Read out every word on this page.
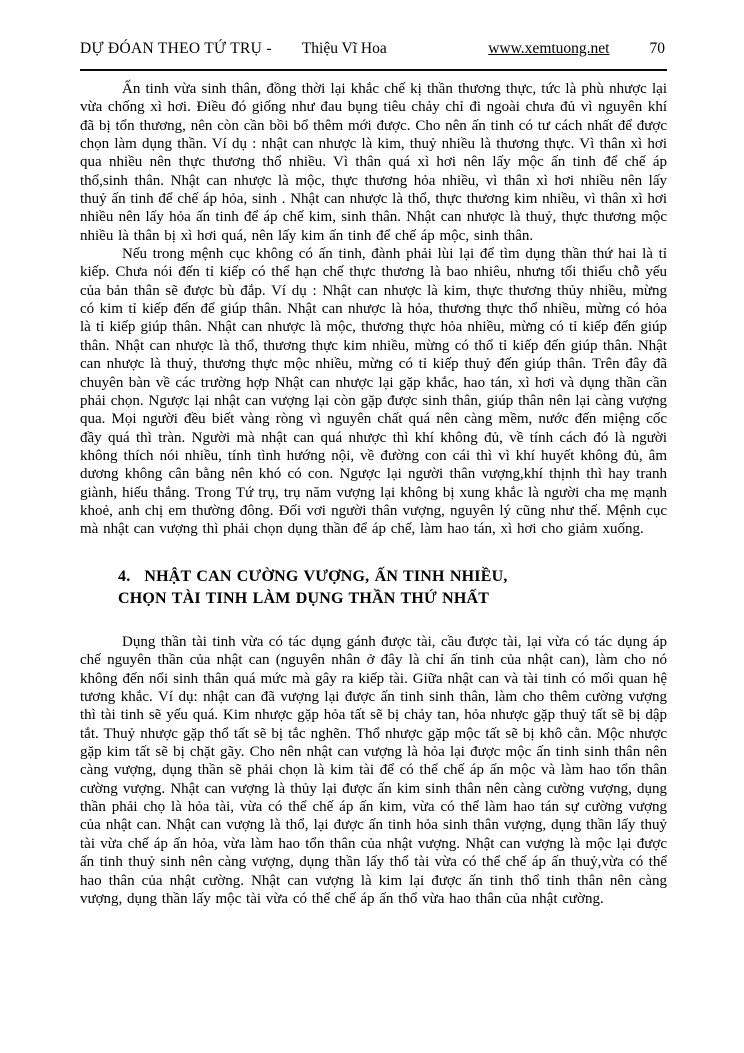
DỰ ĐÓAN THEO TỨ TRỤ - Thiệu Vĩ Hoa	www.xemtuong.net	70

Ấn tinh vừa sinh thân, đồng thời lại khắc chế kị thần thương thực, tức là phù nhược lại vừa chống xì hơi. Điều đó giống như đau bụng tiêu chảy chỉ đi ngoài chưa đủ vì nguyên khí đã bị tổn thương, nên còn cần bồi bổ thêm mới được. Cho nên ấn tinh có tư cách nhất để được chọn làm dụng thần. Ví dụ : nhật can nhược là kim, thuỷ nhiều là thương thực. Vì thân xì hơi qua nhiều nên thực thương thổ nhiều. Vì thân quá xì hơi nên lấy mộc ấn tinh để chế áp thổ,sinh thân. Nhật can nhược là mộc, thực thương hỏa nhiều, vì thân xì hơi nhiều nên lấy thuỷ ấn tinh để chế áp hỏa, sinh . Nhật can nhược là thổ, thực thương kim nhiều, vì thân xì hơi nhiều nên lấy hỏa ấn tinh để áp chế kim, sinh thân. Nhật can nhược là thuỷ, thực thương mộc nhiều là thân bị xì hơi quá, nên lấy kim ấn tinh để chế áp mộc, sinh thân.

Nếu trong mệnh cục không có ấn tinh, đành phải lùi lại để tìm dụng thần thứ hai là tỉ kiếp. Chưa nói đến tỉ kiếp có thể hạn chế thực thương là bao nhiêu, nhưng tối thiểu chỗ yếu của bản thân sẽ được bù đắp. Ví dụ : Nhật can nhược là kim, thực thương thủy nhiều, mừng có kim tỉ kiếp đến để giúp thân. Nhật can nhược là hỏa, thương thực thổ nhiều, mừng có hỏa là tỉ kiếp giúp thân. Nhật can nhược là mộc, thương thực hỏa nhiều, mừng có tỉ kiếp đến giúp thân. Nhật can nhược là thổ, thương thực kim nhiều, mừng có thổ tỉ kiếp đến giúp thân. Nhật can nhược là thuỷ, thương thực mộc nhiều, mừng có tỉ kiếp thuỷ đến giúp thân. Trên đây đã chuyên bàn về các trường hợp Nhật can nhược lại gặp khắc, hao tán, xì hơi và dụng thần cần phải chọn. Ngược lại nhật can vượng lại còn gặp được sinh thân, giúp thân nên lại càng vượng qua. Mọi người đều biết vàng ròng vì nguyên chất quá nên càng mềm, nước đến miệng cốc đầy quá thì tràn. Người mà nhật can quá nhược thì khí không đủ, về tính cách đó là người không thích nói nhiều, tính tình hướng nội, về đường con cái thì vì khí huyết không đủ, âm dương không cân bằng nên khó có con. Ngược lại người thân vượng,khí thịnh thì hay tranh giành, hiếu thắng. Trong Tứ trụ, trụ năm vượng lại không bị xung khắc là người cha mẹ mạnh khoẻ, anh chị em thường đông. Đối vơi người thân vượng, nguyên lý cũng như thế. Mệnh cục mà nhật can vượng thì phải chọn dụng thần để áp chế, làm hao tán, xì hơi cho giảm xuống.

4. NHẬT CAN CƯỜNG VƯỢNG, ẤN TINH NHIỀU,
CHỌN TÀI TINH LÀM DỤNG THẦN THỨ NHẤT

Dụng thần tài tinh vừa có tác dụng gánh được tài, cầu được tài, lại vừa có tác dụng áp chế nguyên thần của nhật can (nguyên nhân ở đây là chỉ ấn tinh của nhật can), làm cho nó không đến nổi sinh thân quá mức mà gây ra kiếp tài. Giữa nhật can và tài tinh có mối quan hệ tương khắc. Ví dụ: nhật can đã vượng lại được ấn tinh sinh thân, làm cho thêm cường vượng thì tài tinh sẽ yếu quá. Kim nhược gặp hỏa tất sẽ bị chảy tan, hỏa nhược gặp thuỷ tất sẽ bị dập tắt. Thuỷ nhược gặp thổ tất sẽ bị tắc nghẽn. Thổ nhược gặp mộc tất sẽ bị khô cằn. Mộc nhược gặp kim tất sẽ bị chặt gãy. Cho nên nhật can vượng là hỏa lại được mộc ấn tinh sinh thân nên càng vượng, dụng thần sẽ phải chọn là kim tài để có thể chế áp ấn mộc và làm hao tổn thân cường vượng. Nhật can vượng là thủy lại được ấn kim sinh thân nên càng cường vượng, dụng thần phải chọ là hỏa tài, vừa có thể chế áp ấn kim, vừa có thể làm hao tán sự cường vượng của nhật can. Nhật can vượng là thổ, lại được ấn tinh hỏa sinh thân vượng, dụng thần lấy thuỷ tài vừa chế áp ấn hỏa, vừa làm hao tổn thân của nhật vượng. Nhật can vượng là mộc lại được ấn tinh thuỷ sinh nên càng vượng, dụng thần lấy thổ tài vừa có thể chế áp ấn thuỷ,vừa có thể hao thân của nhật cường. Nhật can vượng là kim lại được ấn tinh thổ tinh thân nên càng vượng, dụng thần lấy mộc tài vừa có thể chế áp ấn thổ vừa hao thân của nhật cường.
